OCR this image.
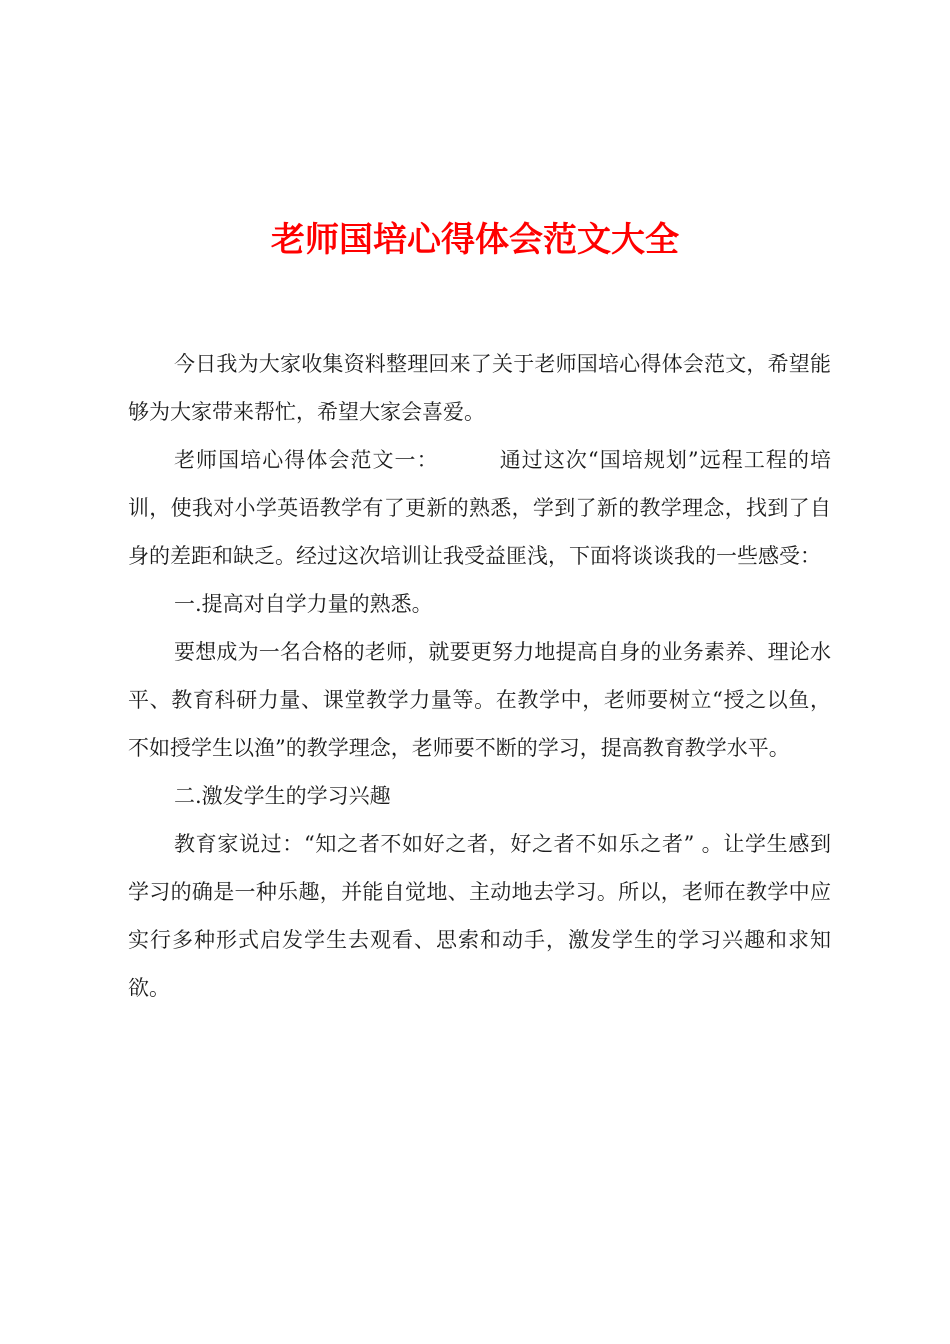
老师国培心得体会范文大全

今日我为大家收集资料整理回来了关于老师国培心得体会范文，希望能够为大家带来帮忙，希望大家会喜爱。

老师国培心得体会范文一：	通过这次“国培规划”远程工程的培训，使我对小学英语教学有了更新的熟悉，学到了新的教学理念，找到了自身的差距和缺乏。经过这次培训让我受益匪浅，下面将谈谈我的一些感受：

一.提高对自学力量的熟悉。

要想成为一名合格的老师，就要更努力地提高自身的业务素养、理论水平、教育科研力量、课堂教学力量等。在教学中，老师要树立“授之以鱼，不如授学生以渔”的教学理念，老师要不断的学习，提高教育教学水平。

二.激发学生的学习兴趣

教育家说过：“知之者不如好之者，好之者不如乐之者” 。让学生感到学习的确是一种乐趣，并能自觉地、主动地去学习。所以，老师在教学中应实行多种形式启发学生去观看、思索和动手，激发学生的学习兴趣和求知欲。
